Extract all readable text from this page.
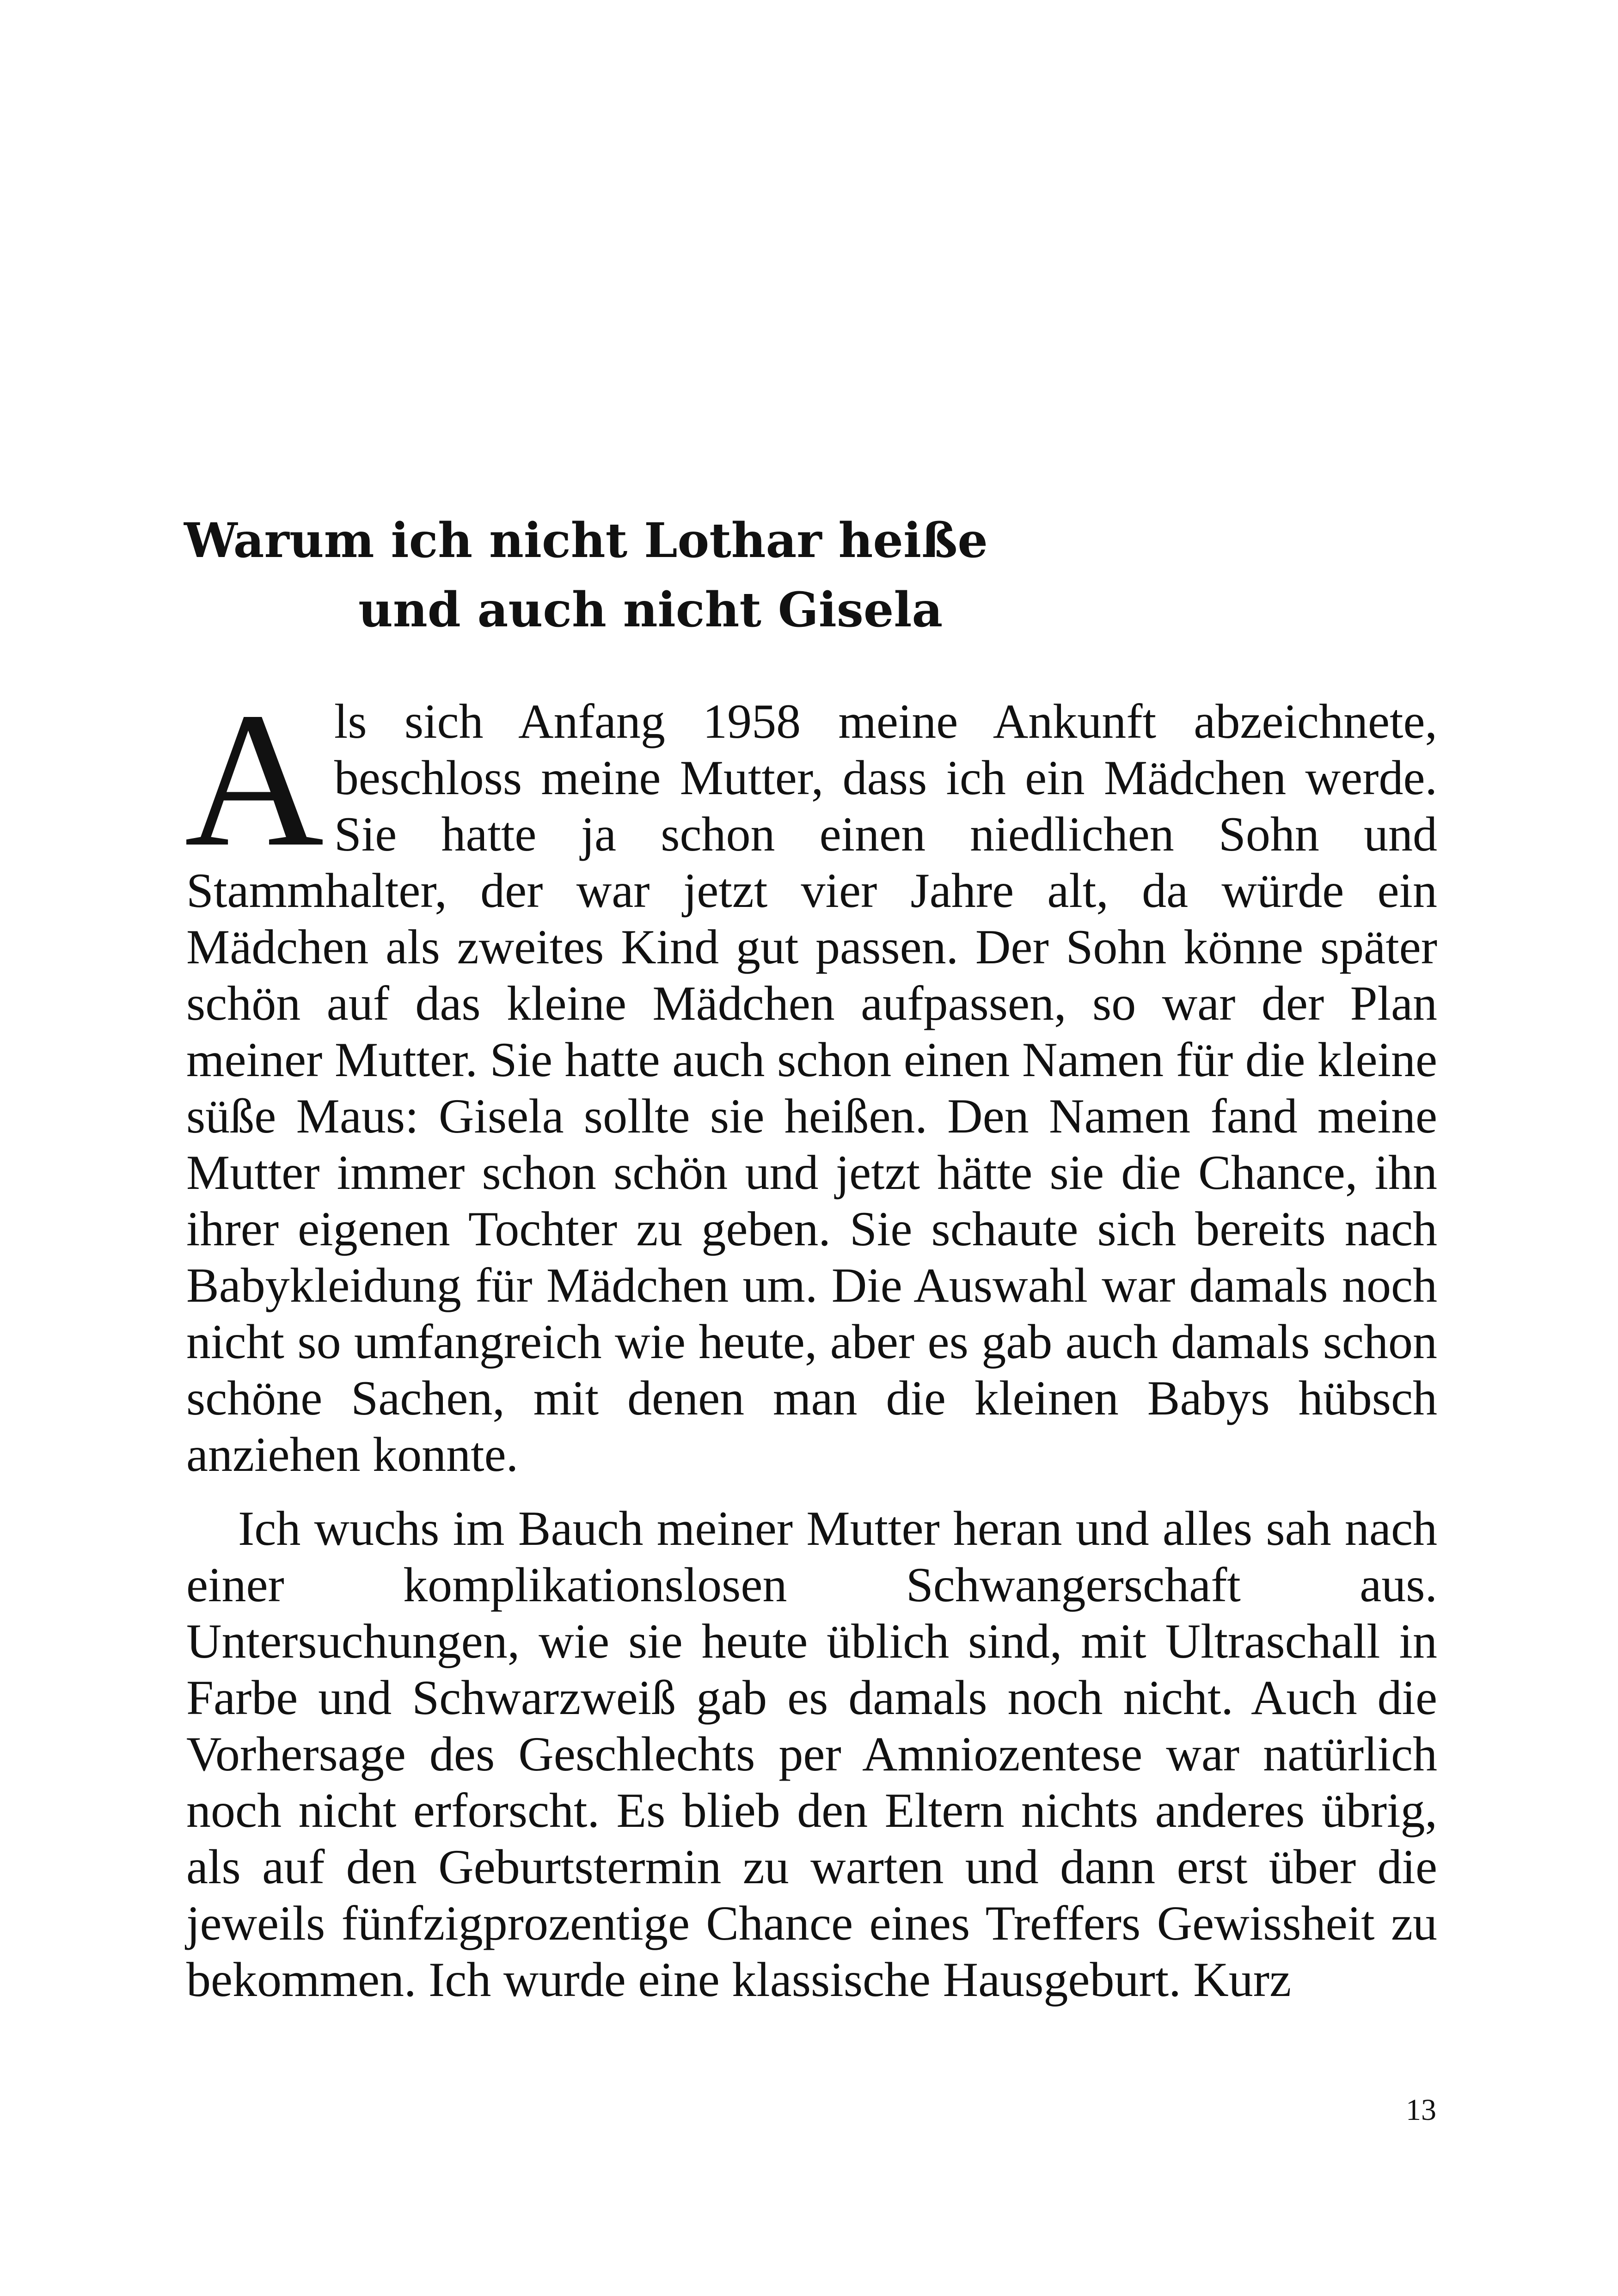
Warum ich nicht Lothar heiße
und auch nicht Gisela

Als sich Anfang 1958 meine Ankunft abzeichnete, beschloss meine Mutter, dass ich ein Mädchen werde. Sie hatte ja schon einen niedlichen Sohn und Stammhalter, der war jetzt vier Jahre alt, da würde ein Mädchen als zweites Kind gut passen. Der Sohn könne später schön auf das kleine Mädchen aufpassen, so war der Plan meiner Mutter. Sie hatte auch schon einen Namen für die kleine süße Maus: Gisela sollte sie heißen. Den Namen fand meine Mutter immer schon schön und jetzt hätte sie die Chance, ihn ihrer eigenen Tochter zu geben. Sie schaute sich bereits nach Babykleidung für Mädchen um. Die Auswahl war damals noch nicht so umfangreich wie heute, aber es gab auch damals schon schöne Sachen, mit denen man die kleinen Babys hübsch anziehen konnte.

Ich wuchs im Bauch meiner Mutter heran und alles sah nach einer komplikationslosen Schwangerschaft aus. Untersuchungen, wie sie heute üblich sind, mit Ultraschall in Farbe und Schwarzweiß gab es damals noch nicht. Auch die Vorhersage des Geschlechts per Amniozentese war natürlich noch nicht erforscht. Es blieb den Eltern nichts anderes übrig, als auf den Geburtstermin zu warten und dann erst über die jeweils fünfzigprozentige Chance eines Treffers Gewissheit zu bekommen. Ich wurde eine klassische Hausgeburt. Kurz

13
